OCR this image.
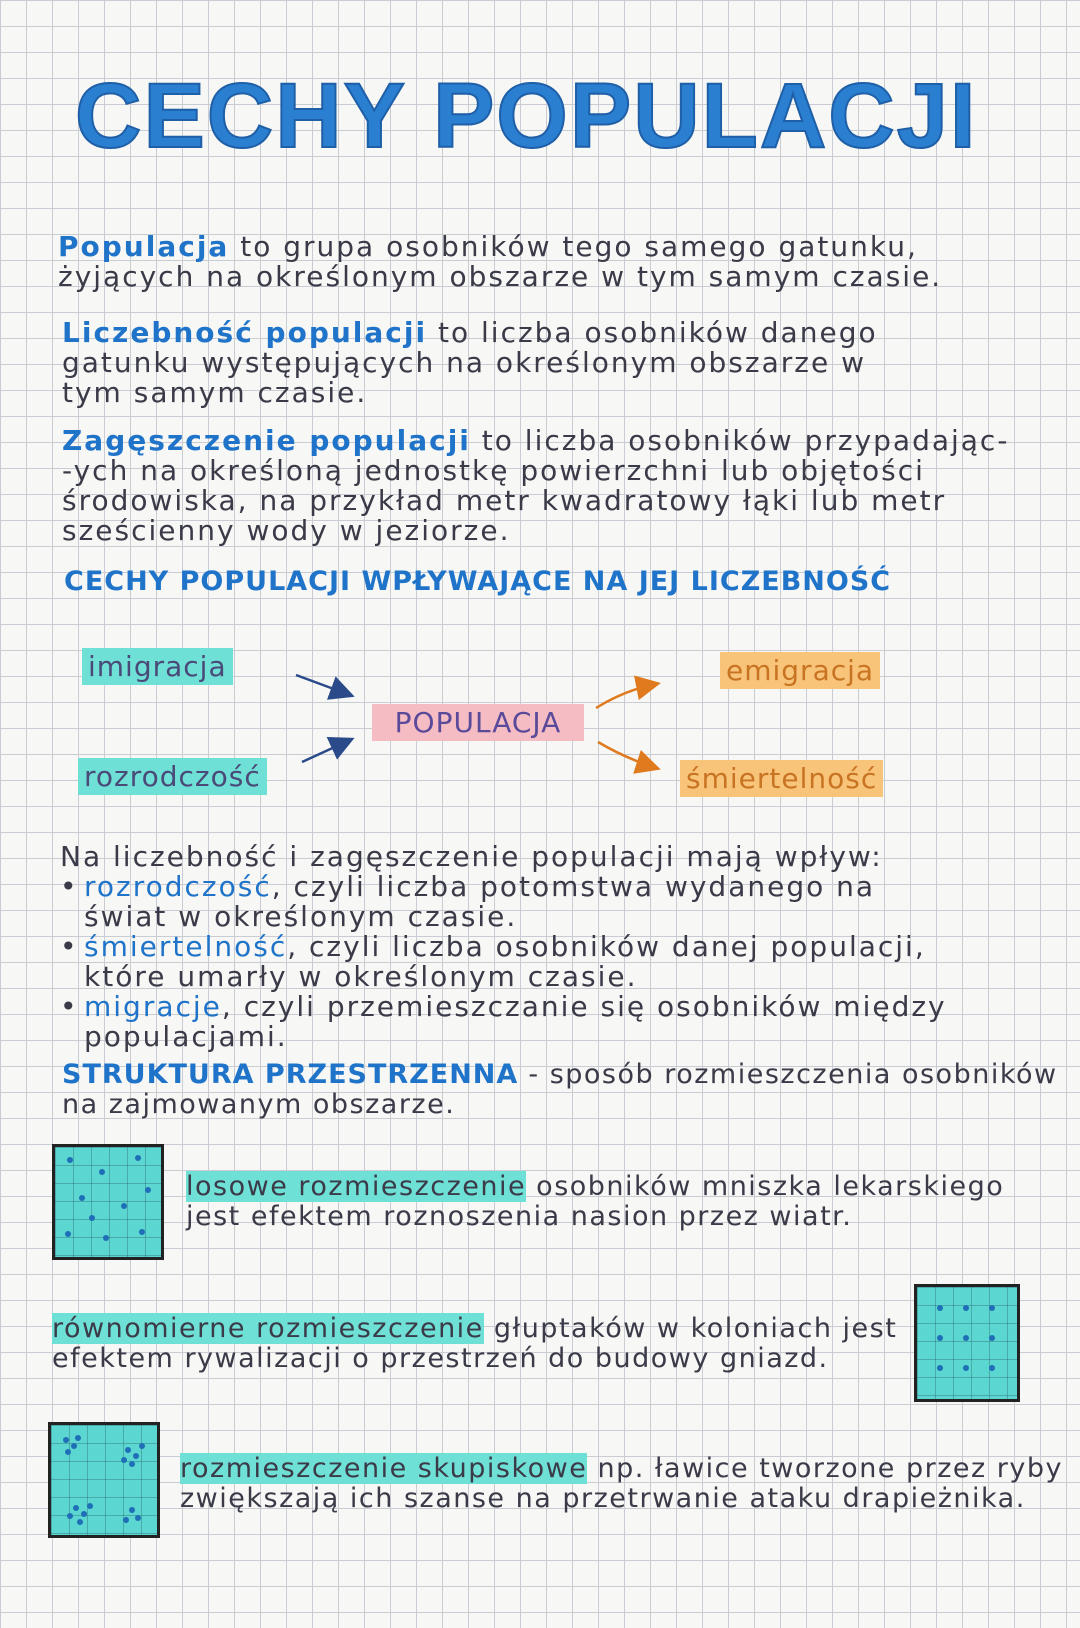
CECHY POPULACJI
Populacja to grupa osobników tego samego gatunku,
żyjących na określonym obszarze w tym samym czasie.
Liczebność populacji to liczba osobników danego
gatunku występujących na określonym obszarze w
tym samym czasie.
Zagęszczenie populacji to liczba osobników przypadając-
-ych na określoną jednostkę powierzchni lub objętości
środowiska, na przykład metr kwadratowy łąki lub metr
sześcienny wody w jeziorze.
CECHY POPULACJI WPŁYWAJĄCE NA JEJ LICZEBNOŚĆ
imigracja
rozrodczość
POPULACJA
emigracja
śmiertelność
Na liczebność i zagęszczenie populacji mają wpływ:
• rozrodczość, czyli liczba potomstwa wydanego na
świat w określonym czasie.
• śmiertelność, czyli liczba osobników danej populacji,
które umarły w określonym czasie.
• migracje, czyli przemieszczanie się osobników między
populacjami.
STRUKTURA PRZESTRZENNA - sposób rozmieszczenia osobników
na zajmowanym obszarze.
losowe rozmieszczenie osobników mniszka lekarskiego
jest efektem roznoszenia nasion przez wiatr.
równomierne rozmieszczenie głuptaków w koloniach jest
efektem rywalizacji o przestrzeń do budowy gniazd.
rozmieszczenie skupiskowe np. ławice tworzone przez ryby
zwiększają ich szanse na przetrwanie ataku drapieżnika.
